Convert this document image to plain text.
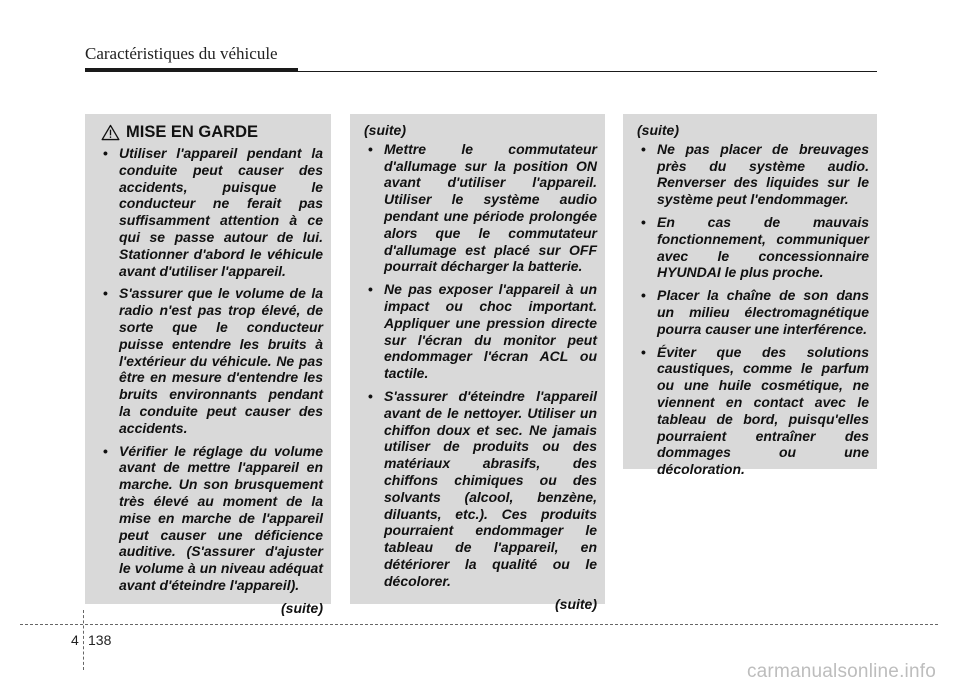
Caractéristiques du véhicule
MISE EN GARDE
• Utiliser l'appareil pendant la conduite peut causer des accidents, puisque le conducteur ne ferait pas suffisamment attention à ce qui se passe autour de lui. Stationner d'abord le véhicule avant d'utiliser l'appareil.
• S'assurer que le volume de la radio n'est pas trop élevé, de sorte que le conducteur puisse entendre les bruits à l'extérieur du véhicule. Ne pas être en mesure d'entendre les bruits environnants pendant la conduite peut causer des accidents.
• Vérifier le réglage du volume avant de mettre l'appareil en marche. Un son brusquement très élevé au moment de la mise en marche de l'appareil peut causer une déficience auditive. (S'assurer d'ajuster le volume à un niveau adéquat avant d'éteindre l'appareil).
(suite)
(suite)
• Mettre le commutateur d'allumage sur la position ON avant d'utiliser l'appareil. Utiliser le système audio pendant une période prolongée alors que le commutateur d'allumage est placé sur OFF pourrait décharger la batterie.
• Ne pas exposer l'appareil à un impact ou choc important. Appliquer une pression directe sur l'écran du monitor peut endommager l'écran ACL ou tactile.
• S'assurer d'éteindre l'appareil avant de le nettoyer. Utiliser un chiffon doux et sec. Ne jamais utiliser de produits ou des matériaux abrasifs, des chiffons chimiques ou des solvants (alcool, benzène, diluants, etc.). Ces produits pourraient endommager le tableau de l'appareil, en détériorer la qualité ou le décolorer.
(suite)
(suite)
• Ne pas placer de breuvages près du système audio. Renverser des liquides sur le système peut l'endommager.
• En cas de mauvais fonctionnement, communiquer avec le concessionnaire HYUNDAI le plus proche.
• Placer la chaîne de son dans un milieu électromagnétique pourra causer une interférence.
• Éviter que des solutions caustiques, comme le parfum ou une huile cosmétique, ne viennent en contact avec le tableau de bord, puisqu'elles pourraient entraîner des dommages ou une décoloration.
4 138
carmanualsonline.info
